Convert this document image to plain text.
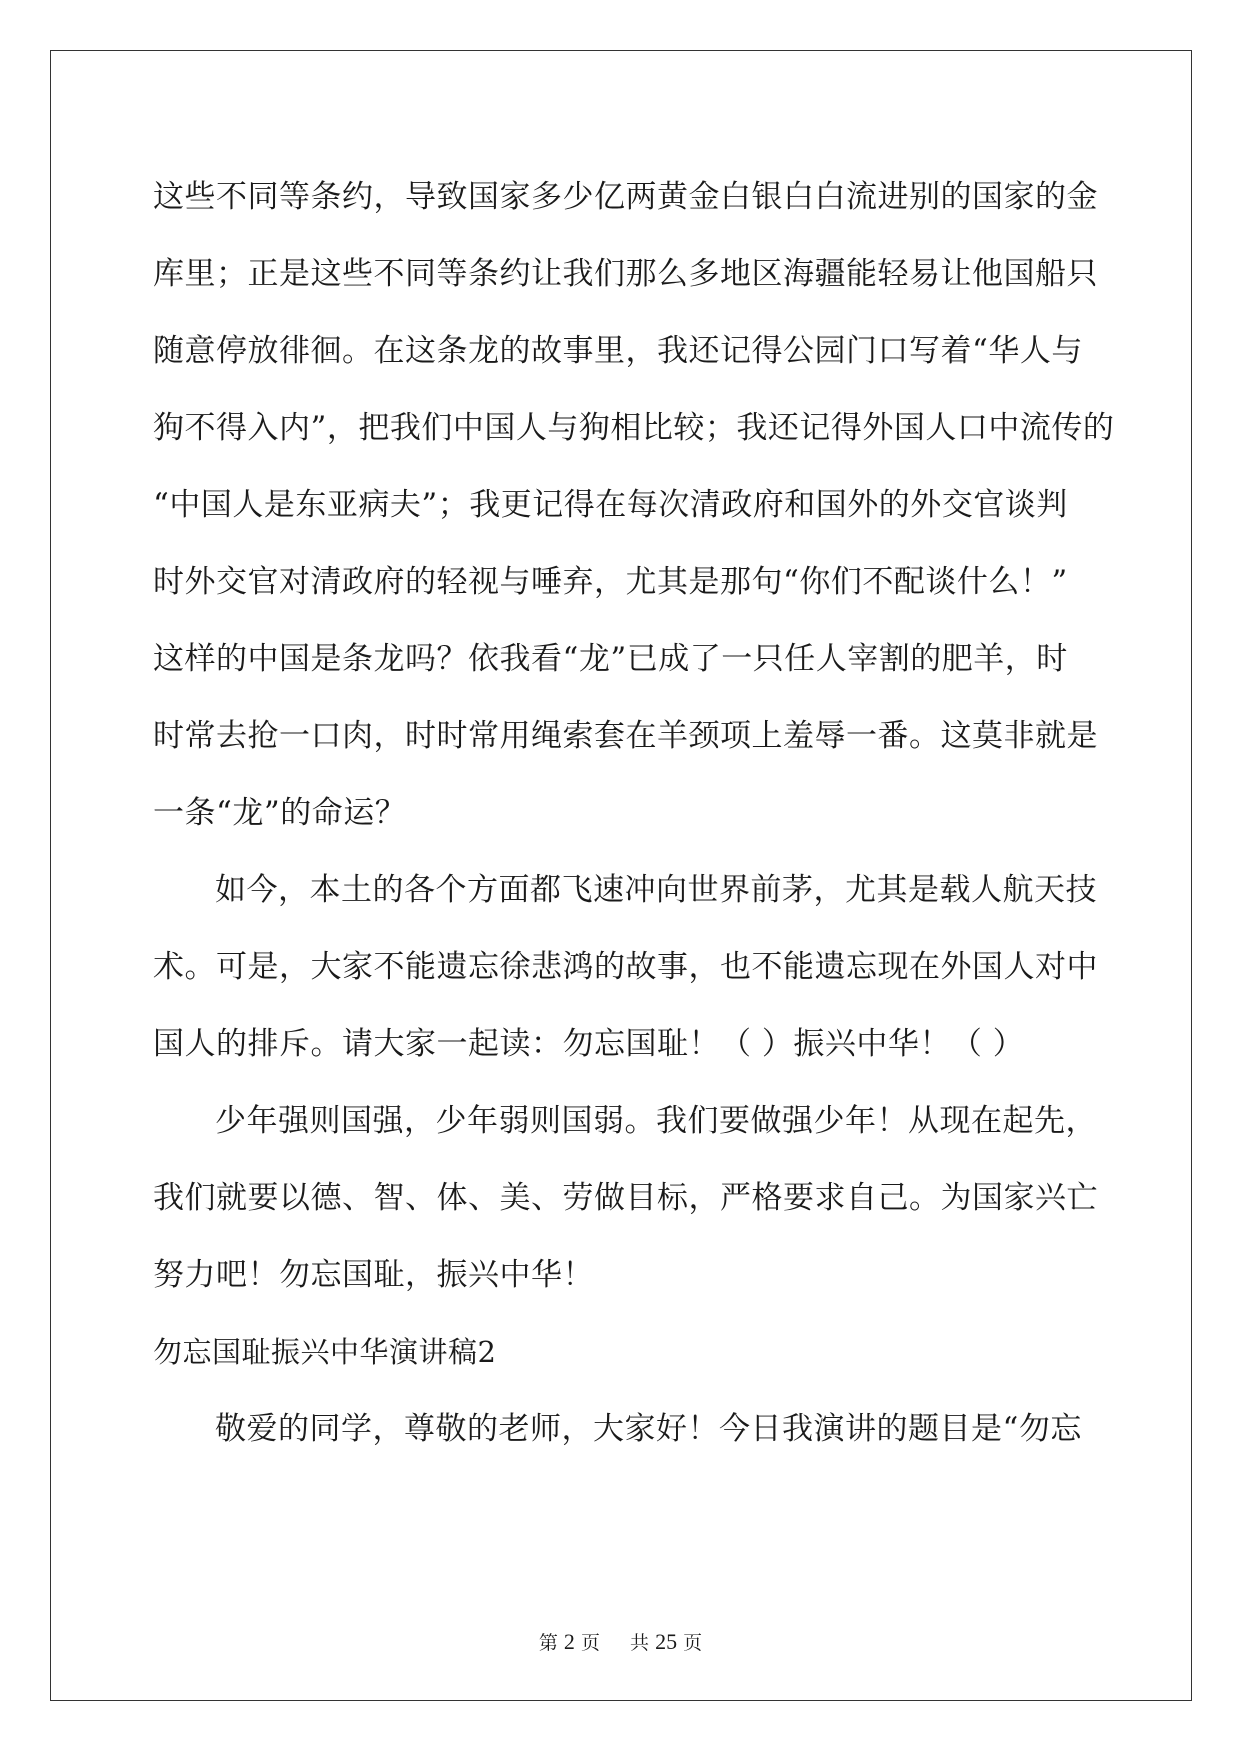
这些不同等条约，导致国家多少亿两黄金白银白白流进别的国家的金
库里；正是这些不同等条约让我们那么多地区海疆能轻易让他国船只
随意停放徘徊。在这条龙的故事里，我还记得公园门口写着“华人与
狗不得入内”，把我们中国人与狗相比较；我还记得外国人口中流传的
“中国人是东亚病夫”；我更记得在每次清政府和国外的外交官谈判
时外交官对清政府的轻视与唾弃，尤其是那句“你们不配谈什么！”
这样的中国是条龙吗？依我看“龙”已成了一只任人宰割的肥羊，时
时常去抢一口肉，时时常用绳索套在羊颈项上羞辱一番。这莫非就是
一条“龙”的命运？
如今，本土的各个方面都飞速冲向世界前茅，尤其是载人航天技
术。可是，大家不能遗忘徐悲鸿的故事，也不能遗忘现在外国人对中
国人的排斥。请大家一起读：勿忘国耻！（ ）振兴中华！（ ）
少年强则国强，少年弱则国弱。我们要做强少年！从现在起先，
我们就要以德、智、体、美、劳做目标，严格要求自己。为国家兴亡
努力吧！勿忘国耻，振兴中华！
勿忘国耻振兴中华演讲稿2
敬爱的同学，尊敬的老师，大家好！今日我演讲的题目是“勿忘
第 2 页 共 25 页
